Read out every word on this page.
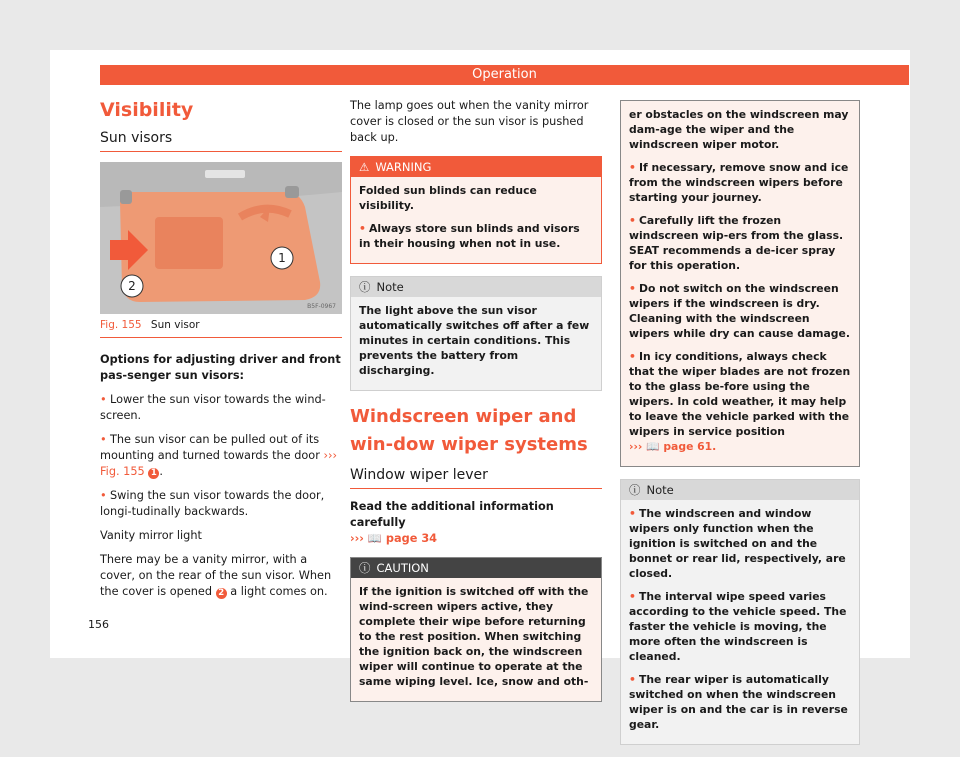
Operation
Visibility
Sun visors
1
2
B5F-0967
Fig. 155 Sun visor

Options for adjusting driver and front pas-senger sun visors:

• Lower the sun visor towards the wind-screen.

• The sun visor can be pulled out of its mounting and turned towards the door ››› Fig. 155 1 .

• Swing the sun visor towards the door, longi-tudinally backwards.

Vanity mirror light

There may be a vanity mirror, with a cover, on the rear of the sun visor. When the cover is opened 2 a light comes on.

The lamp goes out when the vanity mirror cover is closed or the sun visor is pushed back up.

⚠ WARNING

Folded sun blinds can reduce visibility.

• Always store sun blinds and visors in their housing when not in use.

ⓘ Note

The light above the sun visor automatically switches off after a few minutes in certain conditions. This prevents the battery from discharging.

Windscreen wiper and win-dow wiper systems
Window wiper lever

Read the additional information carefully
››› 📖 page 34

ⓘ CAUTION

If the ignition is switched off with the wind-screen wipers active, they complete their wipe before returning to the rest position. When switching the ignition back on, the windscreen wiper will continue to operate at the same wiping level. Ice, snow and oth-

er obstacles on the windscreen may dam-age the wiper and the windscreen wiper motor.

• If necessary, remove snow and ice from the windscreen wipers before starting your journey.

• Carefully lift the frozen windscreen wip-ers from the glass. SEAT recommends a de-icer spray for this operation.

• Do not switch on the windscreen wipers if the windscreen is dry. Cleaning with the windscreen wipers while dry can cause damage.

• In icy conditions, always check that the wiper blades are not frozen to the glass be-fore using the wipers. In cold weather, it may help to leave the vehicle parked with the wipers in service position
››› 📖 page 61.

ⓘ Note

• The windscreen and window wipers only function when the ignition is switched on and the bonnet or rear lid, respectively, are closed.

• The interval wipe speed varies according to the vehicle speed. The faster the vehicle is moving, the more often the windscreen is cleaned.

• The rear wiper is automatically switched on when the windscreen wiper is on and the car is in reverse gear.

156
